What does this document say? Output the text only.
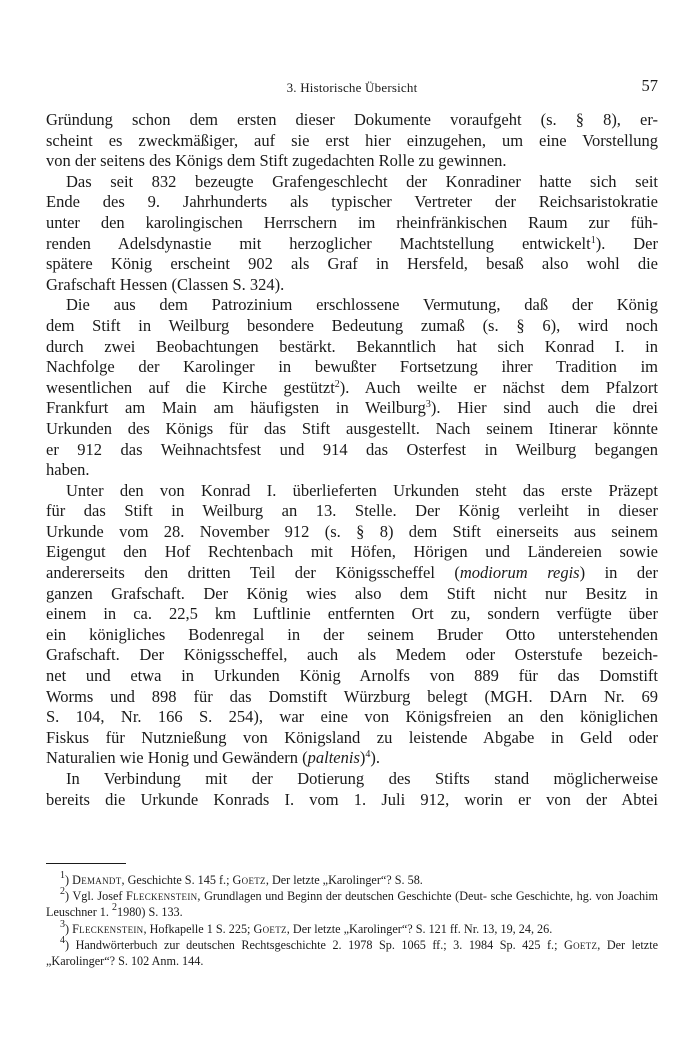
3. Historische Übersicht	57

Gründung schon dem ersten dieser Dokumente voraufgeht (s. § 8), er-

scheint es zweckmäßiger, auf sie erst hier einzugehen, um eine Vorstellung

von der seitens des Königs dem Stift zugedachten Rolle zu gewinnen.

Das seit 832 bezeugte Grafengeschlecht der Konradiner hatte sich seit

Ende des 9. Jahrhunderts als typischer Vertreter der Reichsaristokratie

unter den karolingischen Herrschern im rheinfränkischen Raum zur füh-

renden Adelsdynastie mit herzoglicher Machtstellung entwickelt$^1$). Der

spätere König erscheint 902 als Graf in Hersfeld, besaß also wohl die

Grafschaft Hessen (Classen S. 324).

Die aus dem Patrozinium erschlossene Vermutung, daß der König

dem Stift in Weilburg besondere Bedeutung zumaß (s. § 6), wird noch

durch zwei Beobachtungen bestärkt. Bekanntlich hat sich Konrad I. in

Nachfolge der Karolinger in bewußter Fortsetzung ihrer Tradition im

wesentlichen auf die Kirche gestützt$^2$). Auch weilte er nächst dem Pfalzort

Frankfurt am Main am häufigsten in Weilburg$^3$). Hier sind auch die drei

Urkunden des Königs für das Stift ausgestellt. Nach seinem Itinerar könnte

er 912 das Weihnachtsfest und 914 das Osterfest in Weilburg begangen

haben.

Unter den von Konrad I. überlieferten Urkunden steht das erste Präzept

für das Stift in Weilburg an 13. Stelle. Der König verleiht in dieser

Urkunde vom 28. November 912 (s. § 8) dem Stift einerseits aus seinem

Eigengut den Hof Rechtenbach mit Höfen, Hörigen und Ländereien sowie

andererseits den dritten Teil der Königsscheffel (modiorum regis) in der

ganzen Grafschaft. Der König wies also dem Stift nicht nur Besitz in

einem in ca. 22,5 km Luftlinie entfernten Ort zu, sondern verfügte über

ein königliches Bodenregal in der seinem Bruder Otto unterstehenden

Grafschaft. Der Königsscheffel, auch als Medem oder Osterstufe bezeich-

net und etwa in Urkunden König Arnolfs von 889 für das Domstift

Worms und 898 für das Domstift Würzburg belegt (MGH. DArn Nr. 69

S. 104, Nr. 166 S. 254), war eine von Königsfreien an den königlichen

Fiskus für Nutznießung von Königsland zu leistende Abgabe in Geld oder

Naturalien wie Honig und Gewändern (paltenis)$^4$).

In Verbindung mit der Dotierung des Stifts stand möglicherweise

bereits die Urkunde Konrads I. vom 1. Juli 912, worin er von der Abtei

$^1$) Demandt, Geschichte S. 145 f.; Goetz, Der letzte „Karolinger“? S. 58.

$^2$) Vgl. Josef Fleckenstein, Grundlagen und Beginn der deutschen Geschichte (Deut- sche Geschichte, hg. von Joachim Leuschner 1. $^2$1980) S. 133.

$^3$) Fleckenstein, Hofkapelle 1 S. 225; Goetz, Der letzte „Karolinger“? S. 121 ff. Nr. 13, 19, 24, 26.

$^4$) Handwörterbuch zur deutschen Rechtsgeschichte 2. 1978 Sp. 1065 ff.; 3. 1984 Sp. 425 f.; Goetz, Der letzte „Karolinger“? S. 102 Anm. 144.
